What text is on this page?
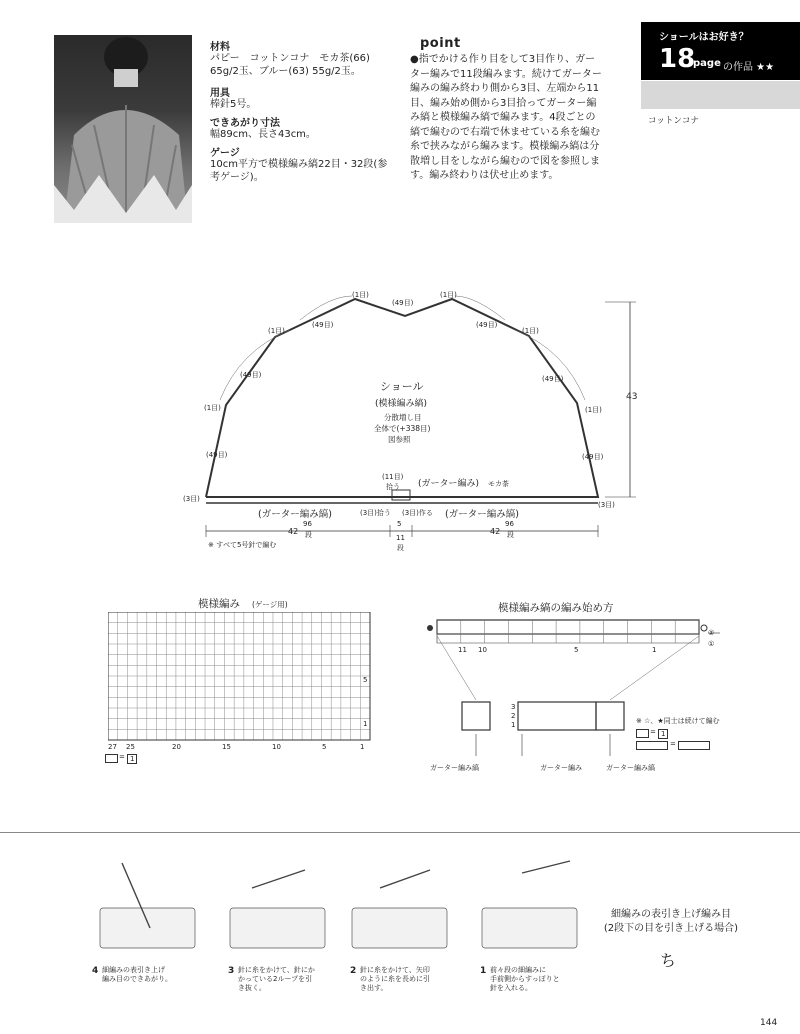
材料
パピー　コットンコナ　モカ茶(66)
65g/2玉、ブルー(63) 55g/2玉。
用具
棒針5号。
できあがり寸法
幅89cm、長さ43cm。
ゲージ
10cm平方で模様編み縞22目・32段(参
考ゲージ)。
point
●指でかける作り目をして3目作り、ガー
ター編みで11段編みます。続けてガーター
編みの編み終わり側から3目、左端から11
目、編み始め側から3目拾ってガーター編
み縞と模様編み縞で編みます。4段ごとの
縞で編むので右端で休ませている糸を編む
糸で挟みながら編みます。模様編み縞は分
散増し目をしながら編むので図を参照しま
す。編み終わりは伏せ止めます。
ショールはお好き？
18
page の作品 ★★
コットンコナ
ショール
(模様編み縞)
分散増し目
全体で(+338目)
図参照
(1目)	(1目)
(49目)
(49目)	(49目)
(1目)	(1目)
(49目)	(49目)
(1目)	(1目)
(49目)	(49目)
(3目)
(3目)
(11目)
拾う (ガーター編み) モカ茶
(ガーター編み縞)	(ガーター編み縞)
(3目)拾う (3目)作る
42
96
段
5
11
段
42
96
段
43
※ すべて5号針で編む
模様編み (ゲージ用)
5
1
27 25	20	15	10	5	1
= 1
模様編み縞の編み始め方
11 10	5	1
②
①
3
2
1	※ ☆、★同士は続けて編む
= 1
=
ガーター編み縞	ガーター編み	ガーター編み縞
4 細編みの表引き上げ
編み目のできあがり。
3 針に糸をかけて、針にか
かっている2ループを引
き抜く。
2 針に糸をかけて、矢印
のように糸を長めに引
き出す。
1 前々段の細編みに
手前側からすっぽりと
針を入れる。
細編みの表引き上げ編み目
(2段下の目を引き上げる場合)
ち
144
